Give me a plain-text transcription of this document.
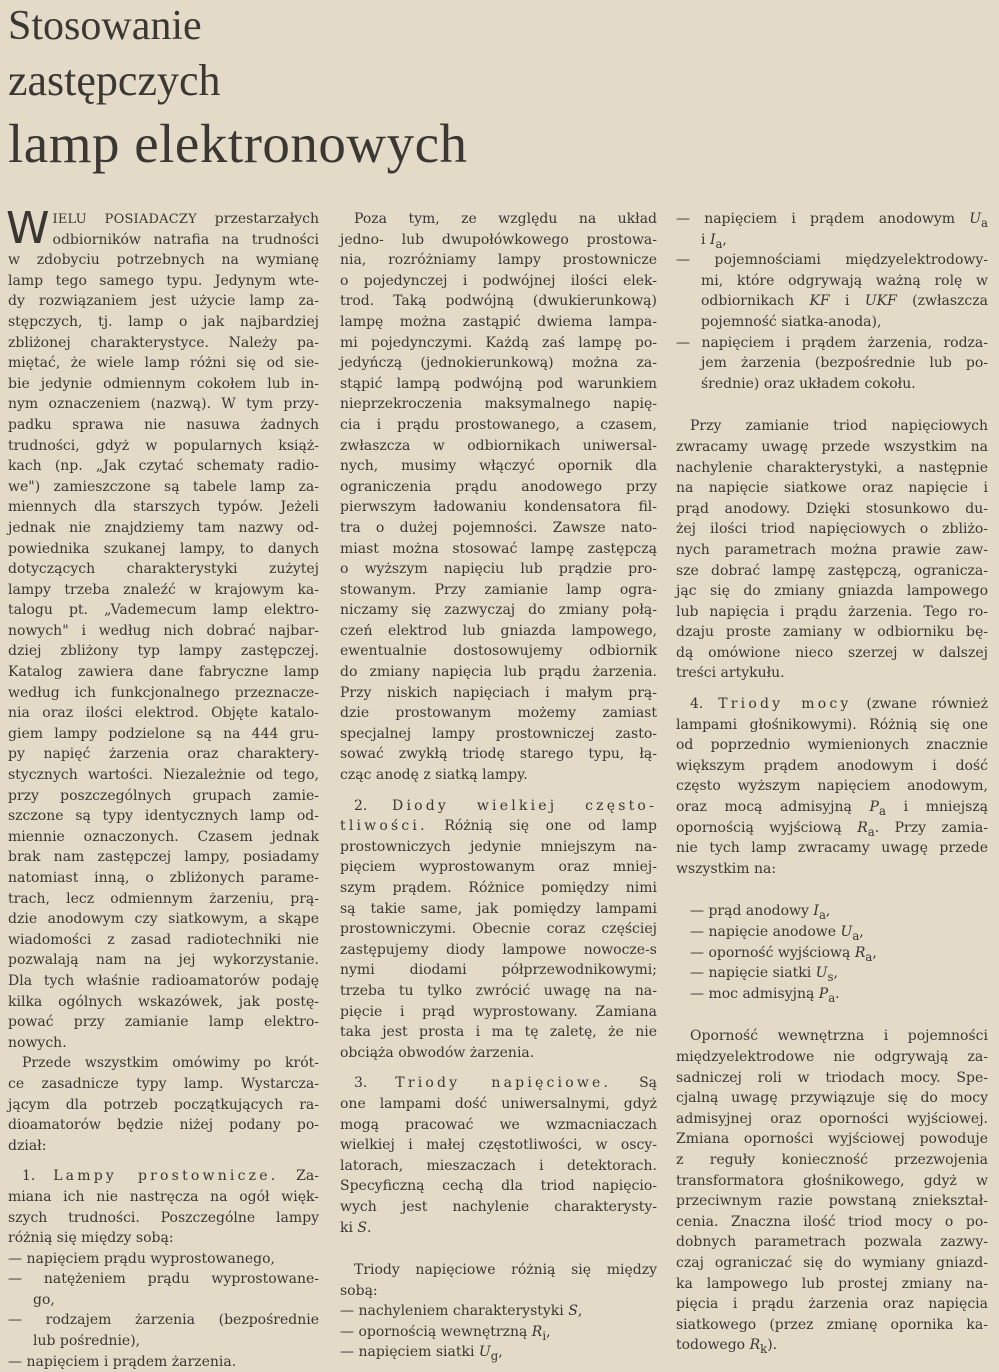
Stosowanie
zastępczych
lamp elektronowych
W IELU POSIADACZY przestarzałych
odbiorników natrafia na trudności
w zdobyciu potrzebnych na wymianę
lamp tego samego typu. Jedynym wte-
dy rozwiązaniem jest użycie lamp za-
stępczych, tj. lamp o jak najbardziej
zbliżonej charakterystyce. Należy pa-
miętać, że wiele lamp różni się od sie-
bie jedynie odmiennym cokołem lub in-
nym oznaczeniem (nazwą). W tym przy-
padku sprawa nie nasuwa żadnych
trudności, gdyż w popularnych książ-
kach (np. „Jak czytać schematy radio-
we") zamieszczone są tabele lamp za-
miennych dla starszych typów. Jeżeli
jednak nie znajdziemy tam nazwy od-
powiednika szukanej lampy, to danych
dotyczących charakterystyki zużytej
lampy trzeba znaleźć w krajowym ka-
talogu pt. „Vademecum lamp elektro-
nowych" i według nich dobrać najbar-
dziej zbliżony typ lampy zastępczej.
Katalog zawiera dane fabryczne lamp
według ich funkcjonalnego przeznacze-
nia oraz ilości elektrod. Objęte katalo-
giem lampy podzielone są na 444 gru-
py napięć żarzenia oraz charaktery-
stycznych wartości. Niezależnie od tego,
przy poszczególnych grupach zamie-
szczone są typy identycznych lamp od-
miennie oznaczonych. Czasem jednak
brak nam zastępczej lampy, posiadamy
natomiast inną, o zbliżonych parame-
trach, lecz odmiennym żarzeniu, prą-
dzie anodowym czy siatkowym, a skąpe
wiadomości z zasad radiotechniki nie
pozwalają nam na jej wykorzystanie.
Dla tych właśnie radioamatorów podaję
kilka ogólnych wskazówek, jak postę-
pować przy zamianie lamp elektro-
nowych.
Przede wszystkim omówimy po krót-
ce zasadnicze typy lamp. Wystarcza-
jącym dla potrzeb początkujących ra-
dioamatorów będzie niżej podany po-
dział:
1. Lampy prostownicze. Za-
miana ich nie nastręcza na ogół więk-
szych trudności. Poszczególne lampy
różnią się między sobą:
— napięciem prądu wyprostowanego,
— natężeniem prądu wyprostowane-
go,
— rodzajem żarzenia (bezpośrednie
lub pośrednie),
— napięciem i prądem żarzenia.
Poza tym, ze względu na układ
jedno- lub dwupołówkowego prostowa-
nia, rozróżniamy lampy prostownicze
o pojedynczej i podwójnej ilości elek-
trod. Taką podwójną (dwukierunkową)
lampę można zastąpić dwiema lampa-
mi pojedynczymi. Każdą zaś lampę po-
jedyńczą (jednokierunkową) można za-
stąpić lampą podwójną pod warunkiem
nieprzekroczenia maksymalnego napię-
cia i prądu prostowanego, a czasem,
zwłaszcza w odbiornikach uniwersal-
nych, musimy włączyć opornik dla
ograniczenia prądu anodowego przy
pierwszym ładowaniu kondensatora fil-
tra o dużej pojemności. Zawsze nato-
miast można stosować lampę zastępczą
o wyższym napięciu lub prądzie pro-
stowanym. Przy zamianie lamp ogra-
niczamy się zazwyczaj do zmiany połą-
czeń elektrod lub gniazda lampowego,
ewentualnie dostosowujemy odbiornik
do zmiany napięcia lub prądu żarzenia.
Przy niskich napięciach i małym prą-
dzie prostowanym możemy zamiast
specjalnej lampy prostowniczej zasto-
sować zwykłą triodę starego typu, łą-
cząc anodę z siatką lampy.
2. Diody wielkiej często-
tliwości. Różnią się one od lamp
prostowniczych jedynie mniejszym na-
pięciem wyprostowanym oraz mniej-
szym prądem. Różnice pomiędzy nimi
są takie same, jak pomiędzy lampami
prostowniczymi. Obecnie coraz częściej
zastępujemy diody lampowe nowocze-s
nymi diodami półprzewodnikowymi;
trzeba tu tylko zwrócić uwagę na na-
pięcie i prąd wyprostowany. Zamiana
taka jest prosta i ma tę zaletę, że nie
obciąża obwodów żarzenia.
3. Triody napięciowe. Są
one lampami dość uniwersalnymi, gdyż
mogą pracować we wzmacniaczach
wielkiej i małej częstotliwości, w oscy-
latorach, mieszaczach i detektorach.
Specyficzną cechą dla triod napięcio-
wych jest nachylenie charakterysty-
ki S.
Triody napięciowe różnią się między
sobą:
— nachyleniem charakterystyki S,
— opornością wewnętrzną $R_i$,
— napięciem siatki $U_g$,
— napięciem i prądem anodowym $U_a$
i $I_a$,
— pojemnościami międzyelektrodowy-
mi, które odgrywają ważną rolę w
odbiornikach KF i UKF (zwłaszcza
pojemność siatka-anoda),
— napięciem i prądem żarzenia, rodza-
jem żarzenia (bezpośrednie lub po-
średnie) oraz układem cokołu.
Przy zamianie triod napięciowych
zwracamy uwagę przede wszystkim na
nachylenie charakterystyki, a następnie
na napięcie siatkowe oraz napięcie i
prąd anodowy. Dzięki stosunkowo du-
żej ilości triod napięciowych o zbliżo-
nych parametrach można prawie zaw-
sze dobrać lampę zastępczą, ogranicza-
jąc się do zmiany gniazda lampowego
lub napięcia i prądu żarzenia. Tego ro-
dzaju proste zamiany w odbiorniku bę-
dą omówione nieco szerzej w dalszej
treści artykułu.
4. Triody mocy (zwane również
lampami głośnikowymi). Różnią się one
od poprzednio wymienionych znacznie
większym prądem anodowym i dość
często wyższym napięciem anodowym,
oraz mocą admisyjną $P_a$ i mniejszą
opornością wyjściową $R_a$. Przy zamia-
nie tych lamp zwracamy uwagę przede
wszystkim na:
— prąd anodowy $I_a$,
— napięcie anodowe $U_a$,
— oporność wyjściową $R_a$,
— napięcie siatki $U_s$,
— moc admisyjną $P_a$.
Oporność wewnętrzna i pojemności
międzyelektrodowe nie odgrywają za-
sadniczej roli w triodach mocy. Spe-
cjalną uwagę przywiązuje się do mocy
admisyjnej oraz oporności wyjściowej.
Zmiana oporności wyjściowej powoduje
z reguły konieczność przezwojenia
transformatora głośnikowego, gdyż w
przeciwnym razie powstaną zniekształ-
cenia. Znaczna ilość triod mocy o po-
dobnych parametrach pozwala zazwy-
czaj ograniczać się do wymiany gniazd-
ka lampowego lub prostej zmiany na-
pięcia i prądu żarzenia oraz napięcia
siatkowego (przez zmianę opornika ka-
todowego $R_k$).
